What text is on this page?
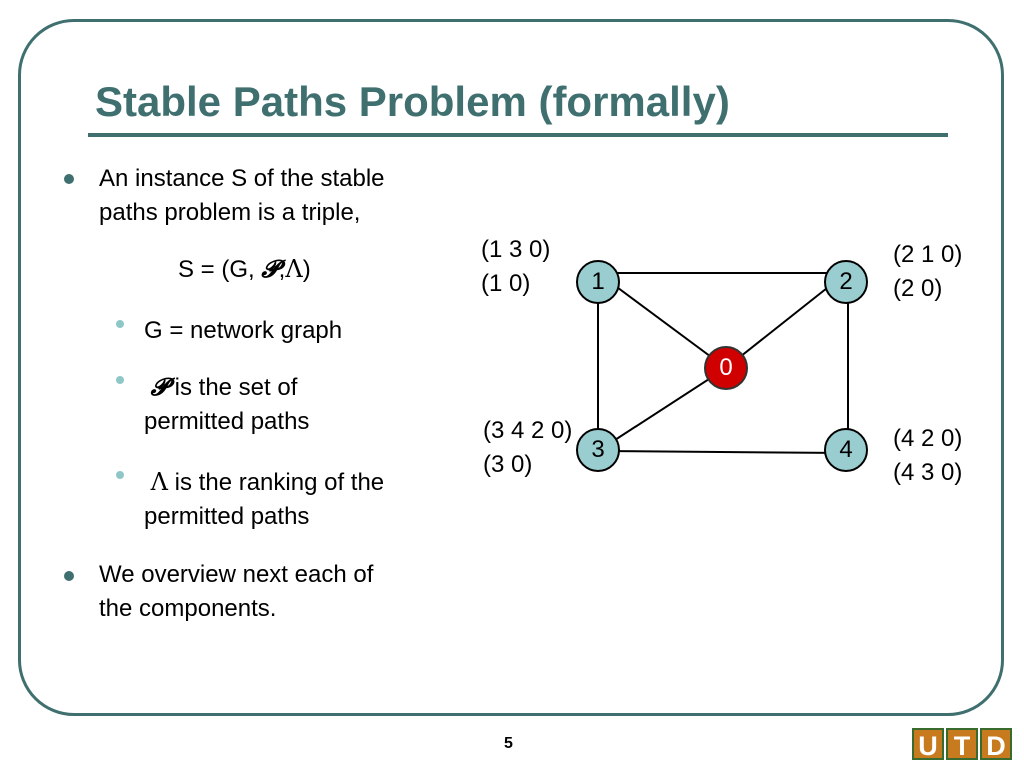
Stable Paths Problem (formally)
An instance S of the stable
paths problem is a triple,
S = (G, 𝓟,Λ)
G = network graph
𝓟 is the set of
permitted paths
Λ is the ranking of the
permitted paths
We overview next each of
the components.
0
1	2
3	4
(1 3 0)
(1 0)
(2 1 0)
(2 0)
(3 4 2 0)
(3 0)
(4 2 0)
(4 3 0)
5	U T D
